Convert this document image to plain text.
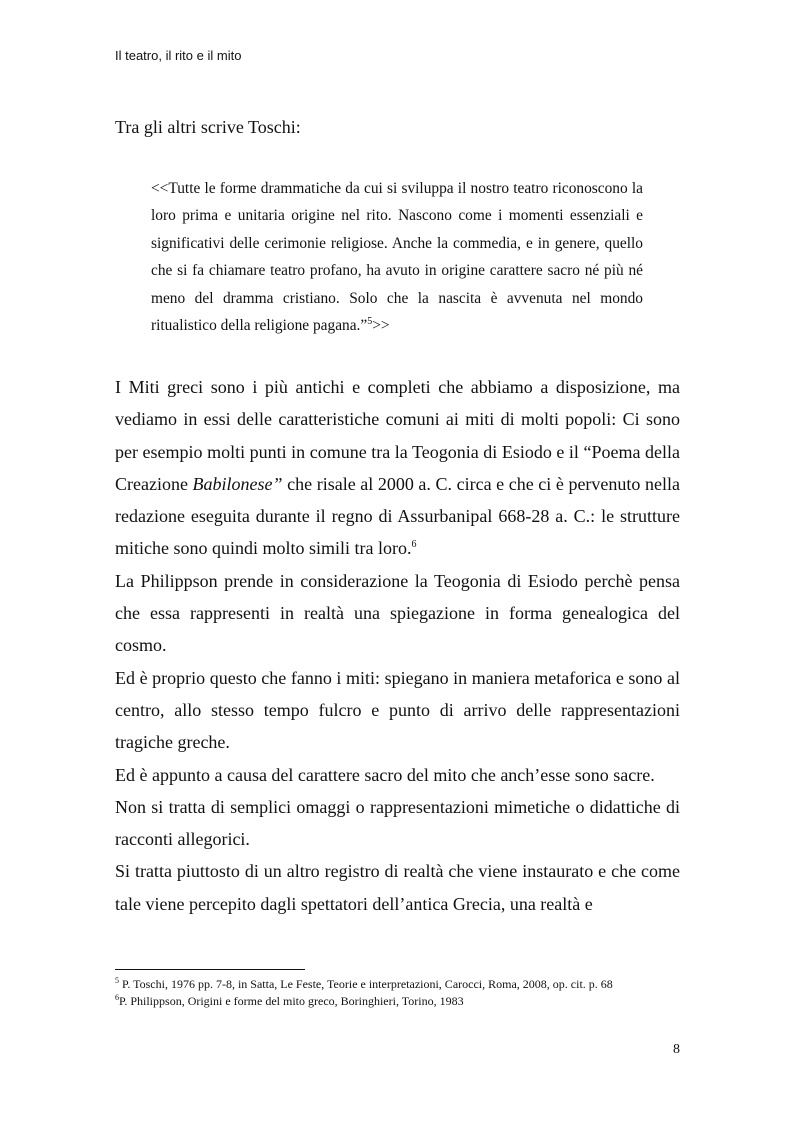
Il teatro, il rito e il mito

Tra gli altri scrive Toschi:

<<Tutte le forme drammatiche da cui si sviluppa il nostro teatro riconoscono la loro prima e unitaria origine nel rito. Nascono come i momenti essenziali e significativi delle cerimonie religiose. Anche la commedia, e in genere, quello che si fa chiamare teatro profano, ha avuto in origine carattere sacro né più né meno del dramma cristiano. Solo che la nascita è avvenuta nel mondo ritualistico della religione pagana.”$^5$>>

I Miti greci sono i più antichi e completi che abbiamo a disposizione, ma vediamo in essi delle caratteristiche comuni ai miti di molti popoli: Ci sono per esempio molti punti in comune tra la Teogonia di Esiodo e il “Poema della Creazione Babilonese” che risale al 2000 a. C. circa e che ci è pervenuto nella redazione eseguita durante il regno di Assurbanipal 668-28 a. C.: le strutture mitiche sono quindi molto simili tra loro.$^6$

La Philippson prende in considerazione la Teogonia di Esiodo perchè pensa che essa rappresenti in realtà una spiegazione in forma genealogica del cosmo.

Ed è proprio questo che fanno i miti: spiegano in maniera metaforica e sono al centro, allo stesso tempo fulcro e punto di arrivo delle rappresentazioni tragiche greche.

Ed è appunto a causa del carattere sacro del mito che anch’esse sono sacre.

Non si tratta di semplici omaggi o rappresentazioni mimetiche o didattiche di racconti allegorici.

Si tratta piuttosto di un altro registro di realtà che viene instaurato e che come tale viene percepito dagli spettatori dell’antica Grecia, una realtà e

$^5$ P. Toschi, 1976 pp. 7-8, in Satta, Le Feste, Teorie e interpretazioni, Carocci, Roma, 2008, op. cit. p. 68

$^6$P. Philippson, Origini e forme del mito greco, Boringhieri, Torino, 1983

8
